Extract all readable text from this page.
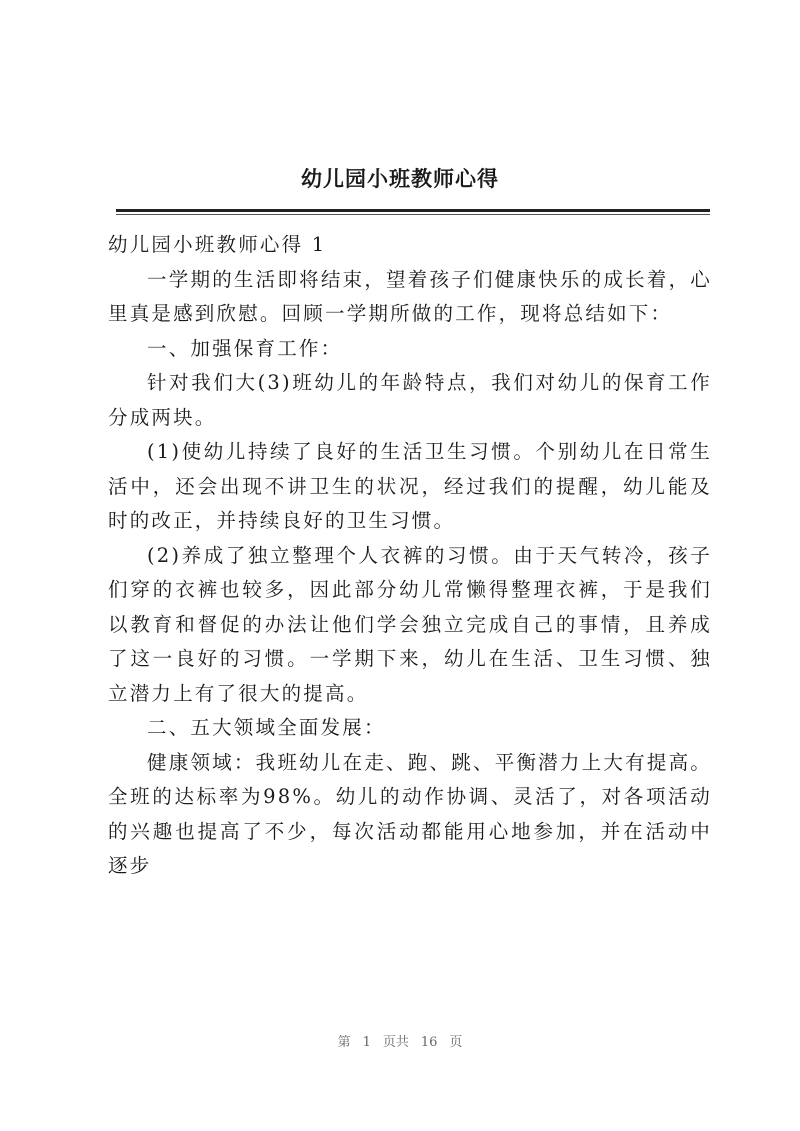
幼儿园小班教师心得

幼儿园小班教师心得 1

一学期的生活即将结束，望着孩子们健康快乐的成长着，心里真是感到欣慰。回顾一学期所做的工作，现将总结如下：

一、加强保育工作：

针对我们大(3)班幼儿的年龄特点，我们对幼儿的保育工作分成两块。

(1)使幼儿持续了良好的生活卫生习惯。个别幼儿在日常生活中，还会出现不讲卫生的状况，经过我们的提醒，幼儿能及时的改正，并持续良好的卫生习惯。

(2)养成了独立整理个人衣裤的习惯。由于天气转冷，孩子们穿的衣裤也较多，因此部分幼儿常懒得整理衣裤，于是我们以教育和督促的办法让他们学会独立完成自己的事情，且养成了这一良好的习惯。一学期下来，幼儿在生活、卫生习惯、独立潜力上有了很大的提高。

二、五大领域全面发展：

健康领域：我班幼儿在走、跑、跳、平衡潜力上大有提高。全班的达标率为98%。幼儿的动作协调、灵活了，对各项活动的兴趣也提高了不少，每次活动都能用心地参加，并在活动中逐步

第 1 页共 16 页
